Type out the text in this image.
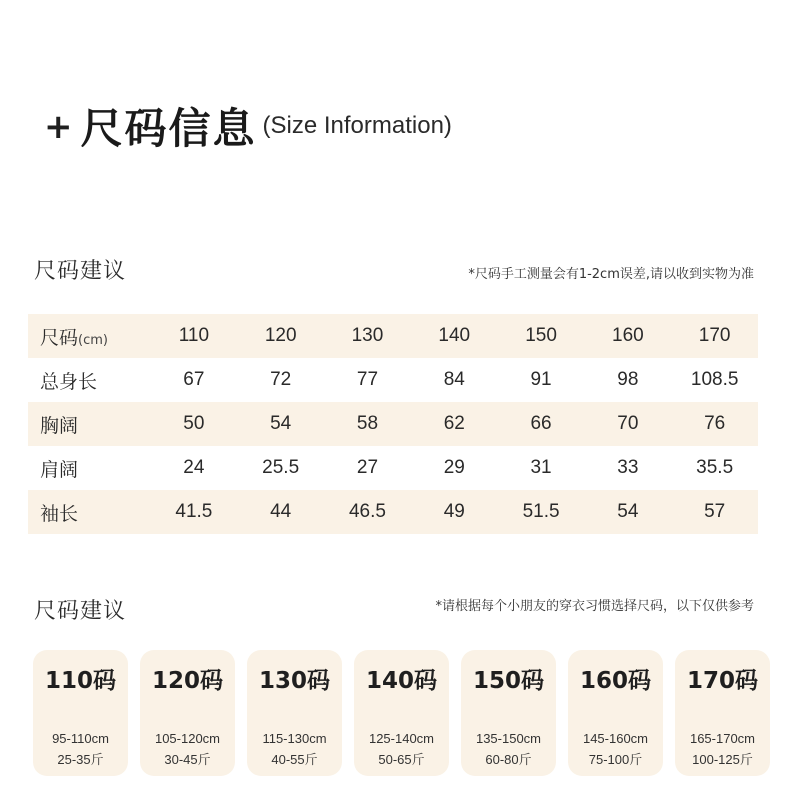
+ 尺码信息 (Size Information)
尺码建议	*尺码手工测量会有1-2cm误差,请以收到实物为准
尺码(cm)	110	120	130	140	150	160	170
总身长	67	72	77	84	91	98	108.5
胸阔	50	54	58	62	66	70	76
肩阔	24	25.5	27	29	31	33	35.5
袖长	41.5	44	46.5	49	51.5	54	57
尺码建议	*请根据每个小朋友的穿衣习惯选择尺码，以下仅供参考
110码
95-110cm
25-35斤
120码
105-120cm
30-45斤
130码
115-130cm
40-55斤
140码
125-140cm
50-65斤
150码
135-150cm
60-80斤
160码
145-160cm
75-100斤
170码
165-170cm
100-125斤
